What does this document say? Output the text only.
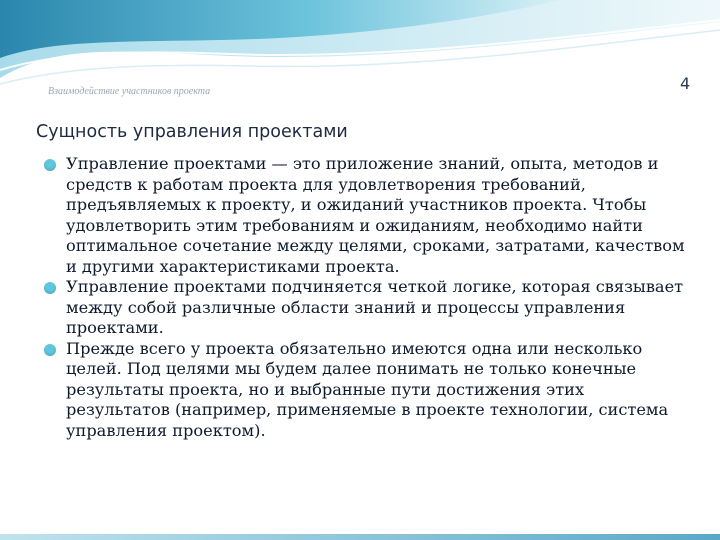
Взаимодействие участников проекта	4
Сущность управления проектами
Управление проектами — это приложение знаний, опыта, методов и средств к работам проекта для удовлетворения требований, предъявляемых к проекту, и ожиданий участников проекта. Чтобы удовлетворить этим требованиям и ожиданиям, необходимо найти оптимальное сочетание между целями, сроками, затратами, качеством и другими характеристиками проекта.
Управление проектами подчиняется четкой логике, которая связывает между собой различные области знаний и процессы управления проектами.
Прежде всего у проекта обязательно имеются одна или несколько целей. Под целями мы будем далее понимать не только конечные результаты проекта, но и выбранные пути достижения этих результатов (например, применяемые в проекте технологии, система управления проектом).
